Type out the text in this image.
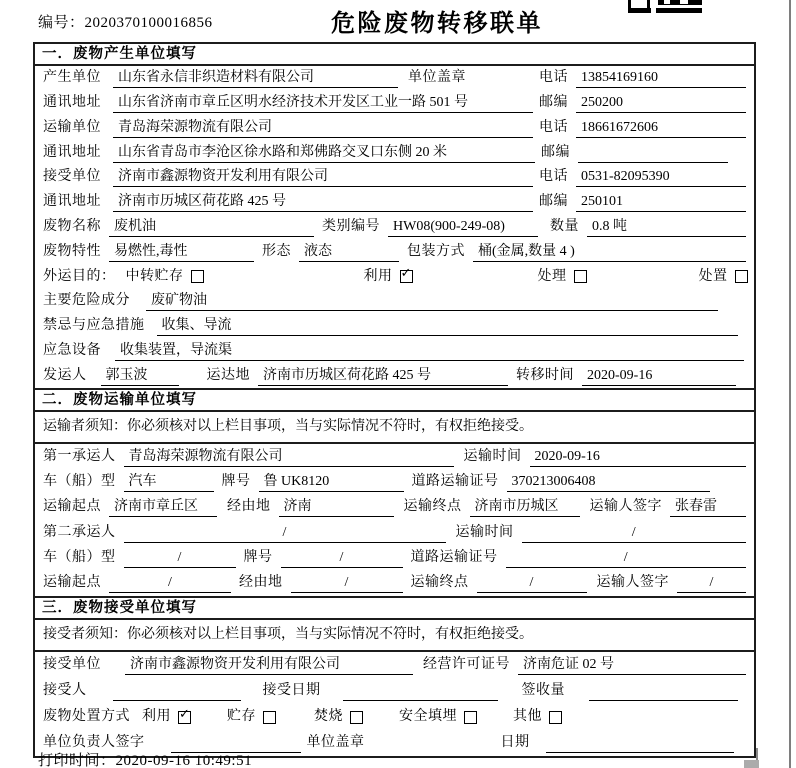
编号：2020370100016856	危险废物转移联单
一．废物产生单位填写
产生单位	山东省永信非织造材料有限公司	单位盖章	电话 13854169160
通讯地址	山东省济南市章丘区明水经济技术开发区工业一路 501 号	邮编 250200
运输单位	青岛海荣源物流有限公司	电话 18661672606
通讯地址	山东省青岛市李沧区徐水路和郑佛路交叉口东侧 20 米	邮编
接受单位	济南市鑫源物资开发利用有限公司	电话 0531-82095390
通讯地址	济南市历城区荷花路 425 号	邮编 250101
废物名称 废机油	类别编号 HW08(900-249-08)	数量 0.8 吨
废物特性 易燃性,毒性	形态 液态	包装方式 桶(金属,数量 4 )
外运目的： 中转贮存	利用 ✓	处理	处置
主要危险成分	废矿物油
禁忌与应急措施	收集、导流
应急设备	收集装置，导流渠
发运人	郭玉波	运达地 济南市历城区荷花路 425 号	转移时间 2020-09-16
二．废物运输单位填写
运输者须知：你必须核对以上栏目事项，当与实际情况不符时，有权拒绝接受。
第一承运人 青岛海荣源物流有限公司	运输时间 2020-09-16
车（船）型 汽车	牌号 鲁 UK8120	道路运输证号 370213006408
运输起点 济南市章丘区	经由地 济南	运输终点 济南市历城区	运输人签字 张春雷
第二承运人	/	运输时间	/
车（船）型	/	牌号	/	道路运输证号	/
运输起点	/	经由地	/	运输终点	/	运输人签字	/
三．废物接受单位填写
接受者须知：你必须核对以上栏目事项，当与实际情况不符时，有权拒绝接受。
接受单位	济南市鑫源物资开发利用有限公司	经营许可证号 济南危证 02 号
接受人	接受日期	签收量
废物处置方式 利用 ✓	贮存	焚烧	安全填埋	其他
单位负责人签字	单位盖章	日期
打印时间：2020-09-16 10:49:51
